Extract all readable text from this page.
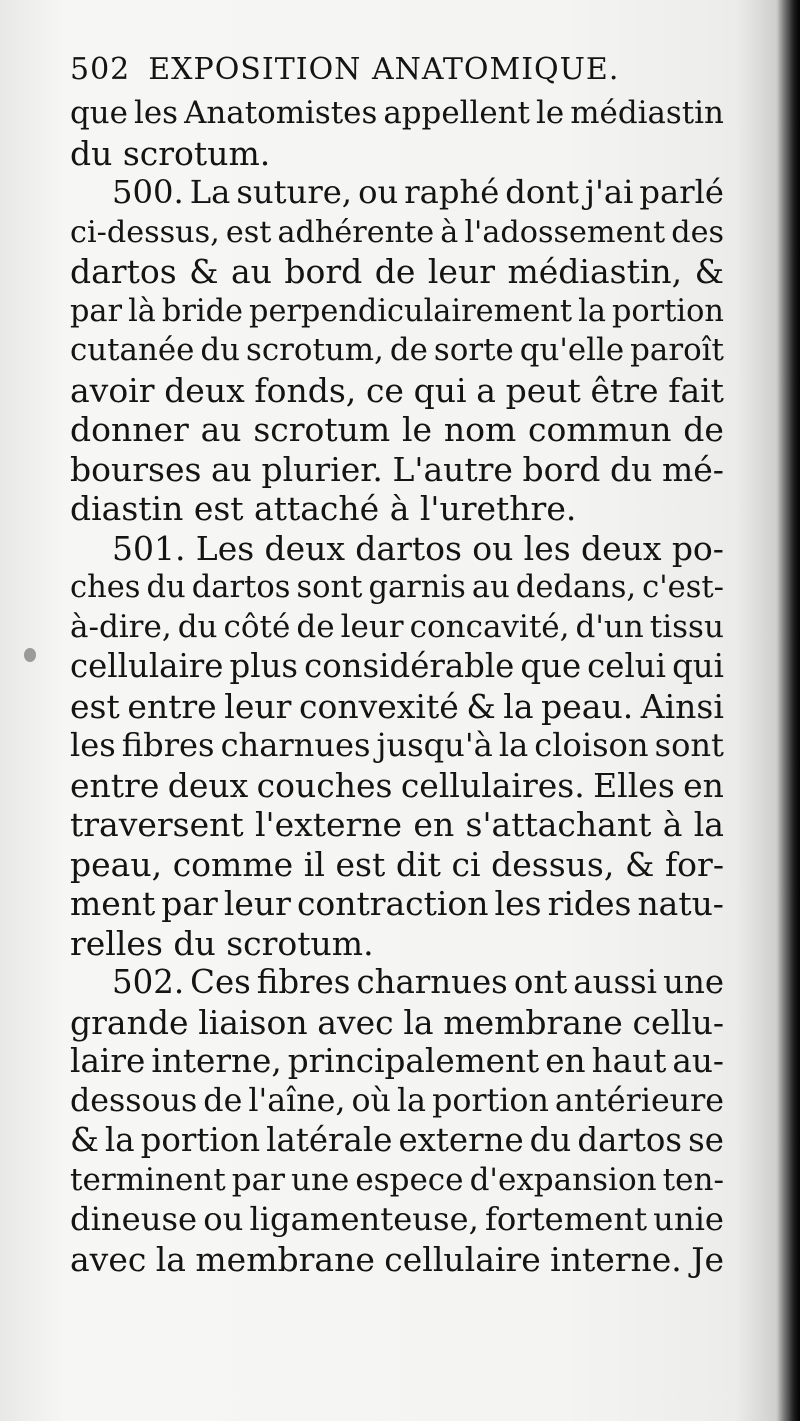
502 EXPOSITION ANATOMIQUE.
que les Anatomistes appellent le médiastin
du scrotum.
500. La suture, ou raphé dont j'ai parlé
ci-dessus, est adhérente à l'adossement des
dartos & au bord de leur médiastin, &
par là bride perpendiculairement la portion
cutanée du scrotum, de sorte qu'elle paroît
avoir deux fonds, ce qui a peut être fait
donner au scrotum le nom commun de
bourses au plurier. L'autre bord du mé-
diastin est attaché à l'urethre.
501. Les deux dartos ou les deux po-
ches du dartos sont garnis au dedans, c'est-
à-dire, du côté de leur concavité, d'un tissu
cellulaire plus considérable que celui qui
est entre leur convexité & la peau. Ainsi
les fibres charnues jusqu'à la cloison sont
entre deux couches cellulaires. Elles en
traversent l'externe en s'attachant à la
peau, comme il est dit ci dessus, & for-
ment par leur contraction les rides natu-
relles du scrotum.
502. Ces fibres charnues ont aussi une
grande liaison avec la membrane cellu-
laire interne, principalement en haut au-
dessous de l'aîne, où la portion antérieure
& la portion latérale externe du dartos se
terminent par une espece d'expansion ten-
dineuse ou ligamenteuse, fortement unie
avec la membrane cellulaire interne. Je
